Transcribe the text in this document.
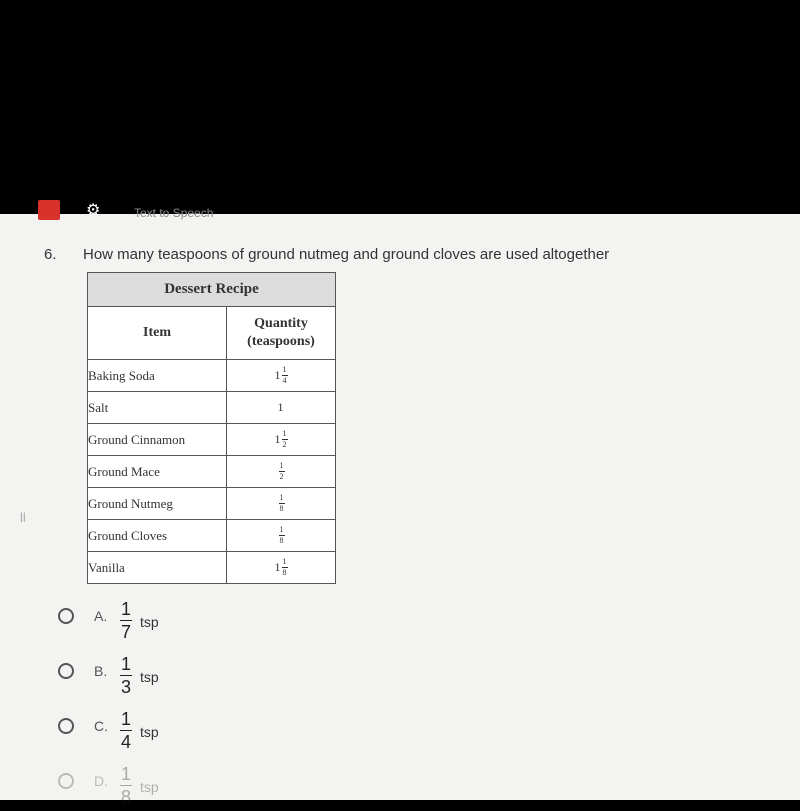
⚙	Text to Speech
6. How many teaspoons of ground nutmeg and ground cloves are used altogether
ll
Dessert Recipe	
Item	Quantity
(teaspoons)
Baking Soda	$1 \frac{1}{4}$

Salt	1
Ground Cinnamon	$1 \frac{1}{2}$

Ground Mace	$\frac{1}{2}$

Ground Nutmeg	$\frac{1}{8}$

Ground Cloves	$\frac{1}{8}$

Vanilla	$1 \frac{1}{8}$
A. 1
7 tsp
B. 1
3 tsp
C. 1
4 tsp
D. 1
8 tsp
